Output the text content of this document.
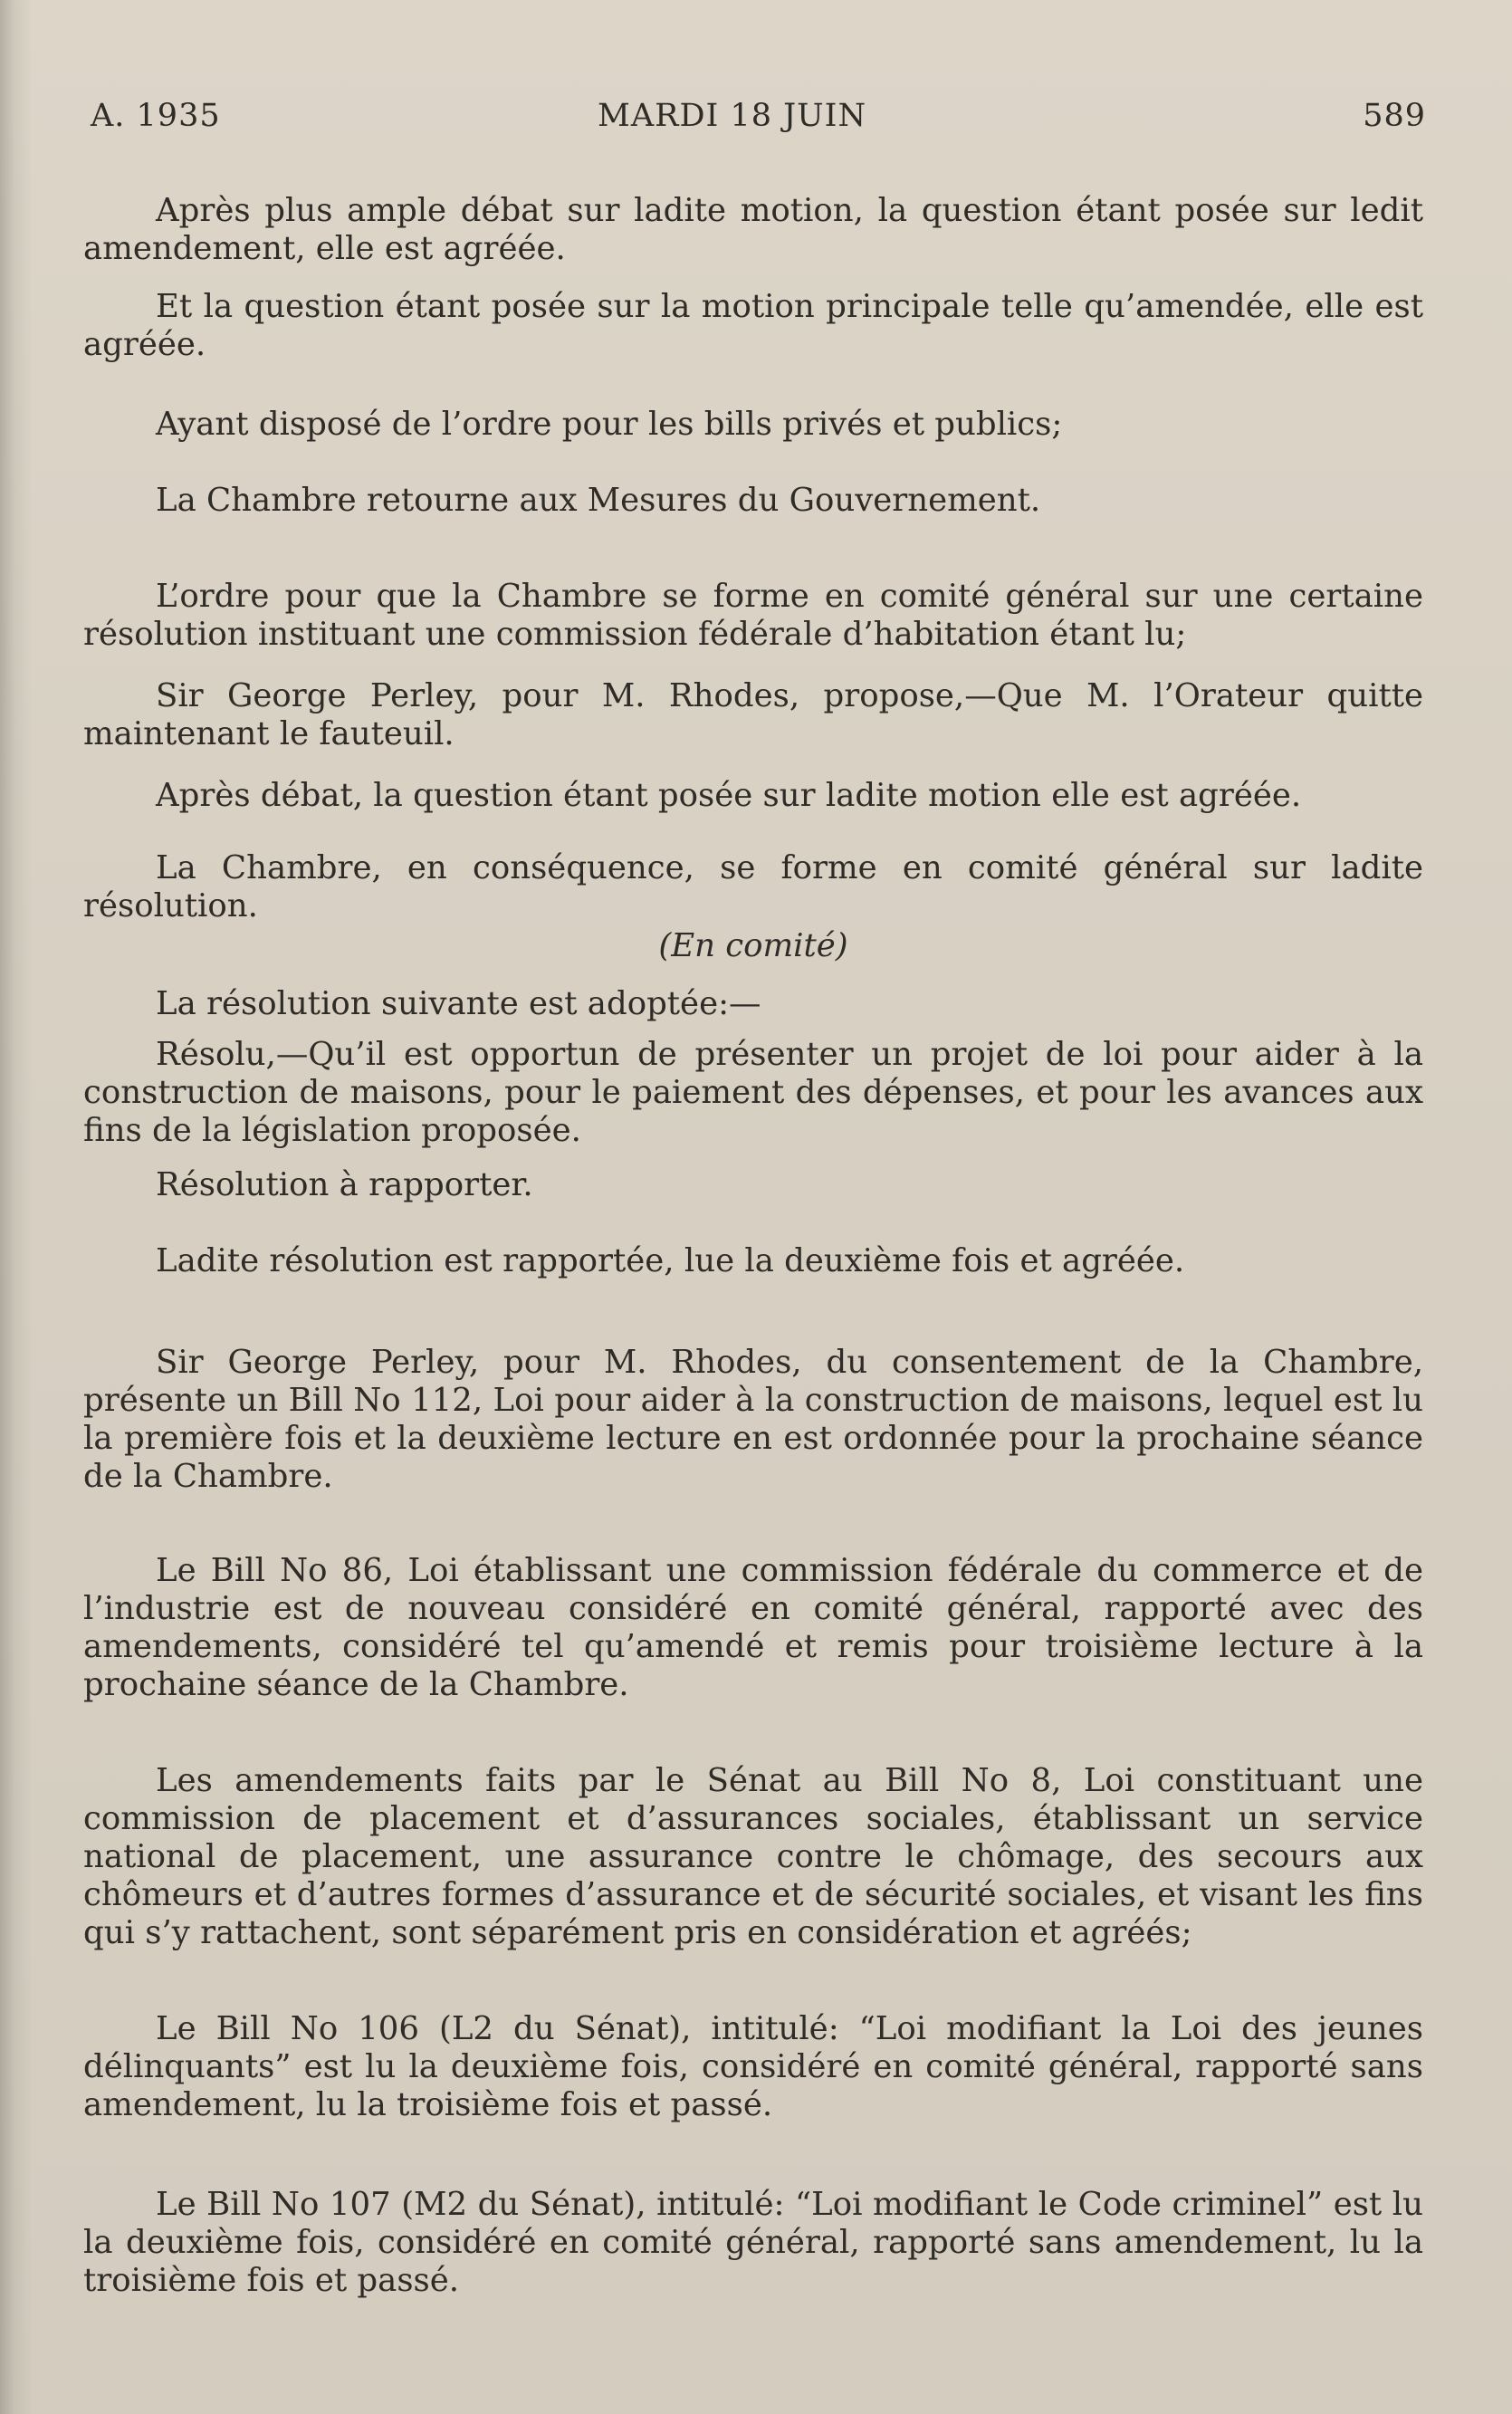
A. 1935	MARDI 18 JUIN	589

Après plus ample débat sur ladite motion, la question étant posée sur ledit amendement, elle est agréée.

Et la question étant posée sur la motion principale telle qu’amendée, elle est agréée.

Ayant disposé de l’ordre pour les bills privés et publics;

La Chambre retourne aux Mesures du Gouvernement.

L’ordre pour que la Chambre se forme en comité général sur une certaine résolution instituant une commission fédérale d’habitation étant lu;

Sir George Perley, pour M. Rhodes, propose,—Que M. l’Orateur quitte maintenant le fauteuil.

Après débat, la question étant posée sur ladite motion elle est agréée.

La Chambre, en conséquence, se forme en comité général sur ladite résolution.

(En comité)

La résolution suivante est adoptée:—

Résolu,—Qu’il est opportun de présenter un projet de loi pour aider à la construction de maisons, pour le paiement des dépenses, et pour les avances aux fins de la législation proposée.

Résolution à rapporter.

Ladite résolution est rapportée, lue la deuxième fois et agréée.

Sir George Perley, pour M. Rhodes, du consentement de la Chambre, présente un Bill No 112, Loi pour aider à la construction de maisons, lequel est lu la première fois et la deuxième lecture en est ordonnée pour la prochaine séance de la Chambre.

Le Bill No 86, Loi établissant une commission fédérale du commerce et de l’industrie est de nouveau considéré en comité général, rapporté avec des amendements, considéré tel qu’amendé et remis pour troisième lecture à la prochaine séance de la Chambre.

Les amendements faits par le Sénat au Bill No 8, Loi constituant une commission de placement et d’assurances sociales, établissant un service national de placement, une assurance contre le chômage, des secours aux chômeurs et d’autres formes d’assurance et de sécurité sociales, et visant les fins qui s’y rattachent, sont séparément pris en considération et agréés;

Le Bill No 106 (L2 du Sénat), intitulé: “Loi modifiant la Loi des jeunes délinquants” est lu la deuxième fois, considéré en comité général, rapporté sans amendement, lu la troisième fois et passé.

Le Bill No 107 (M2 du Sénat), intitulé: “Loi modifiant le Code criminel” est lu la deuxième fois, considéré en comité général, rapporté sans amendement, lu la troisième fois et passé.
